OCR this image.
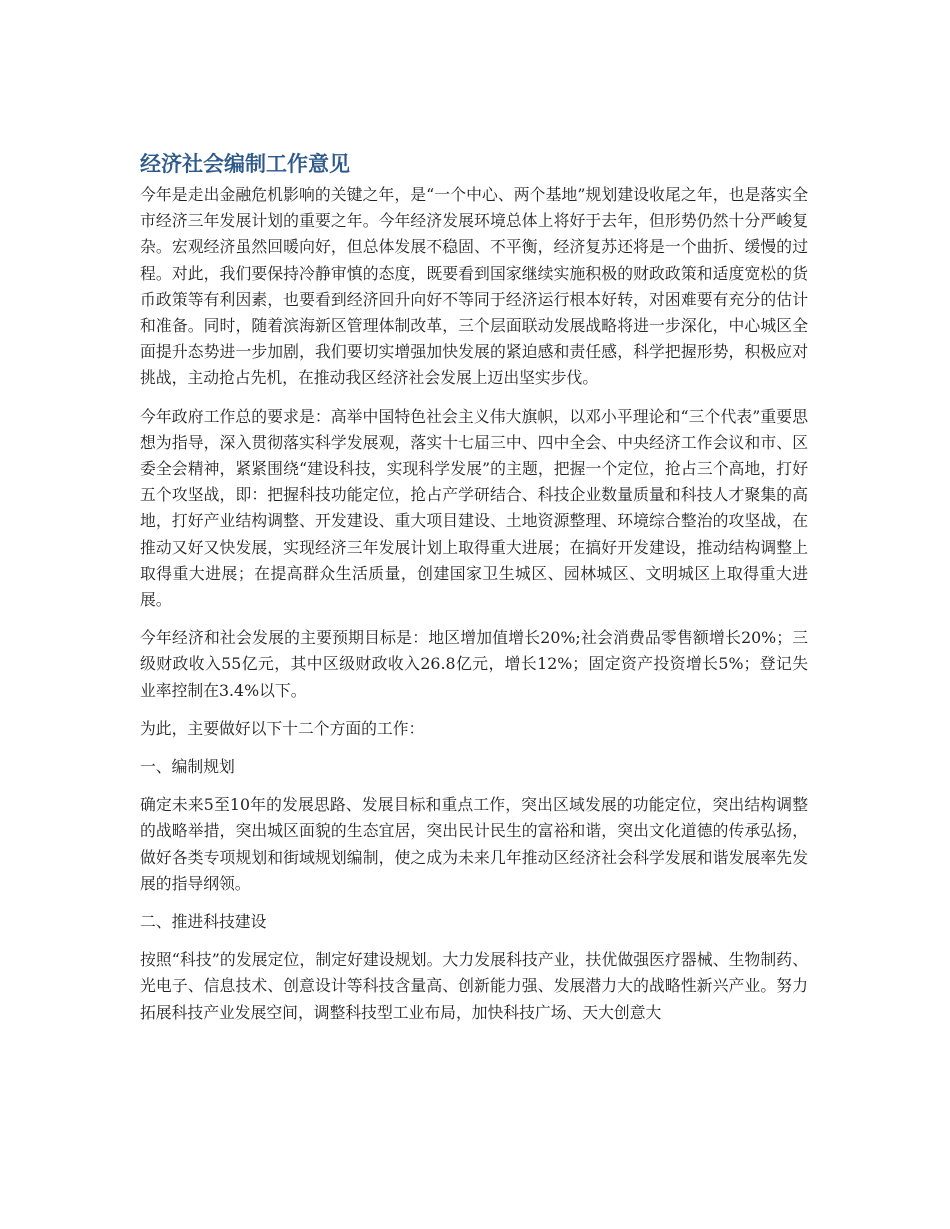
经济社会编制工作意见

今年是走出金融危机影响的关键之年，是“一个中心、两个基地”规划建设收尾之年，也是落实全市经济三年发展计划的重要之年。今年经济发展环境总体上将好于去年，但形势仍然十分严峻复杂。宏观经济虽然回暖向好，但总体发展不稳固、不平衡，经济复苏还将是一个曲折、缓慢的过程。对此，我们要保持冷静审慎的态度，既要看到国家继续实施积极的财政政策和适度宽松的货币政策等有利因素，也要看到经济回升向好不等同于经济运行根本好转，对困难要有充分的估计和准备。同时，随着滨海新区管理体制改革，三个层面联动发展战略将进一步深化，中心城区全面提升态势进一步加剧，我们要切实增强加快发展的紧迫感和责任感，科学把握形势，积极应对挑战，主动抢占先机，在推动我区经济社会发展上迈出坚实步伐。

今年政府工作总的要求是：高举中国特色社会主义伟大旗帜，以邓小平理论和“三个代表”重要思想为指导，深入贯彻落实科学发展观，落实十七届三中、四中全会、中央经济工作会议和市、区委全会精神，紧紧围绕“建设科技，实现科学发展”的主题，把握一个定位，抢占三个高地，打好五个攻坚战，即：把握科技功能定位，抢占产学研结合、科技企业数量质量和科技人才聚集的高地，打好产业结构调整、开发建设、重大项目建设、土地资源整理、环境综合整治的攻坚战，在推动又好又快发展，实现经济三年发展计划上取得重大进展；在搞好开发建设，推动结构调整上取得重大进展；在提高群众生活质量，创建国家卫生城区、园林城区、文明城区上取得重大进展。

今年经济和社会发展的主要预期目标是：地区增加值增长20%;社会消费品零售额增长20%；三级财政收入55亿元，其中区级财政收入26.8亿元，增长12%；固定资产投资增长5%；登记失业率控制在3.4%以下。

为此，主要做好以下十二个方面的工作：

一、编制规划

确定未来5至10年的发展思路、发展目标和重点工作，突出区域发展的功能定位，突出结构调整的战略举措，突出城区面貌的生态宜居，突出民计民生的富裕和谐，突出文化道德的传承弘扬，做好各类专项规划和街域规划编制，使之成为未来几年推动区经济社会科学发展和谐发展率先发展的指导纲领。

二、推进科技建设

按照“科技”的发展定位，制定好建设规划。大力发展科技产业，扶优做强医疗器械、生物制药、光电子、信息技术、创意设计等科技含量高、创新能力强、发展潜力大的战略性新兴产业。努力拓展科技产业发展空间，调整科技型工业布局，加快科技广场、天大创意大
